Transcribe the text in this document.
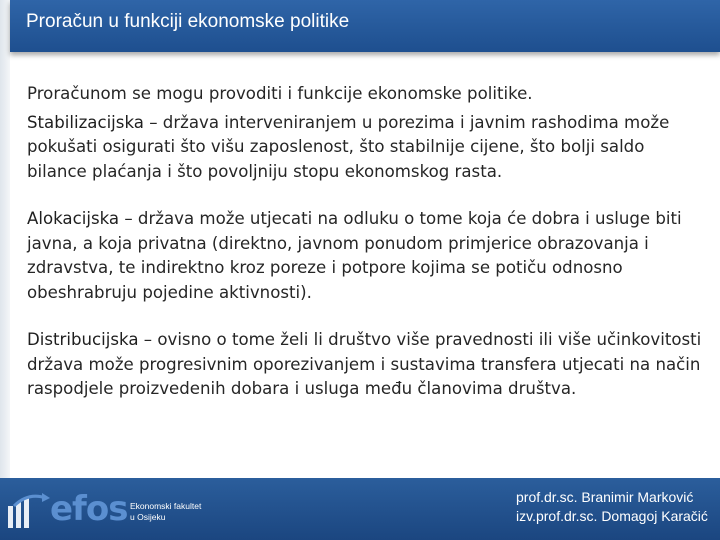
Proračun u funkciji ekonomske politike

Proračunom se mogu provoditi i funkcije ekonomske politike.

Stabilizacijska – država interveniranjem u porezima i javnim rashodima može pokušati osigurati što višu zaposlenost, što stabilnije cijene, što bolji saldo bilance plaćanja i što povoljniju stopu ekonomskog rasta.

Alokacijska – država može utjecati na odluku o tome koja će dobra i usluge biti javna, a koja privatna (direktno, javnom ponudom primjerice obrazovanja i zdravstva, te indirektno kroz poreze i potpore kojima se potiču odnosno obeshrabruju pojedine aktivnosti).

Distribucijska – ovisno o tome želi li društvo više pravednosti ili više učinkovitosti država može progresivnim oporezivanjem i sustavima transfera utjecati na način raspodjele proizvedenih dobara i usluga među članovima društva.

efos Ekonomski fakultet
u Osijeku
prof.dr.sc. Branimir Marković
izv.prof.dr.sc. Domagoj Karačić
